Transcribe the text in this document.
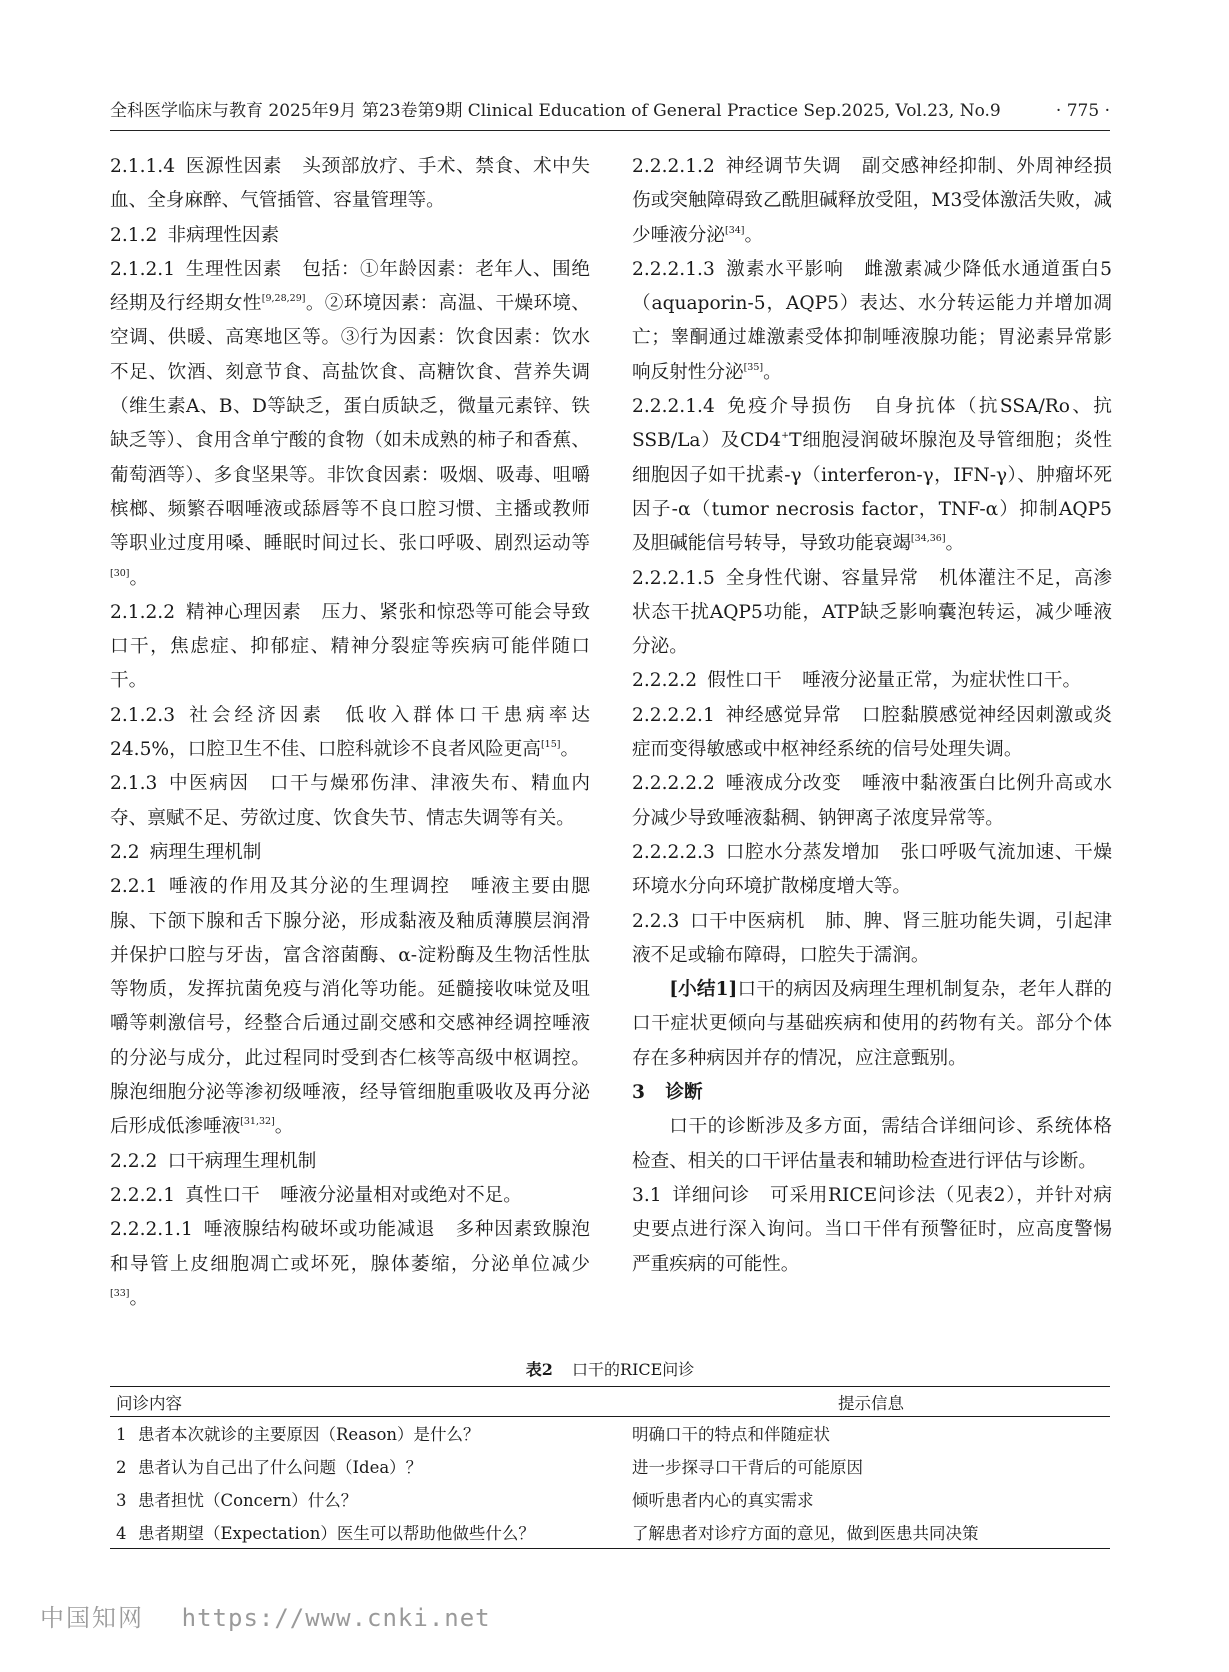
全科医学临床与教育 2025年9月 第23卷第9期 Clinical Education of General Practice Sep.2025, Vol.23, No.9	· 775 ·

2.1.1.4 医源性因素 头颈部放疗、手术、禁食、术中失血、全身麻醉、气管插管、容量管理等。

2.1.2 非病理性因素

2.1.2.1 生理性因素 包括：①年龄因素：老年人、围绝经期及行经期女性[9,28,29]。②环境因素：高温、干燥环境、空调、供暖、高寒地区等。③行为因素：饮食因素：饮水不足、饮酒、刻意节食、高盐饮食、高糖饮食、营养失调（维生素A、B、D等缺乏，蛋白质缺乏，微量元素锌、铁缺乏等）、食用含单宁酸的食物（如未成熟的柿子和香蕉、葡萄酒等）、多食坚果等。非饮食因素：吸烟、吸毒、咀嚼槟榔、频繁吞咽唾液或舔唇等不良口腔习惯、主播或教师等职业过度用嗓、睡眠时间过长、张口呼吸、剧烈运动等[30]。

2.1.2.2 精神心理因素 压力、紧张和惊恐等可能会导致口干，焦虑症、抑郁症、精神分裂症等疾病可能伴随口干。

2.1.2.3 社会经济因素 低收入群体口干患病率达24.5%，口腔卫生不佳、口腔科就诊不良者风险更高[15]。

2.1.3 中医病因 口干与燥邪伤津、津液失布、精血内夺、禀赋不足、劳欲过度、饮食失节、情志失调等有关。

2.2 病理生理机制

2.2.1 唾液的作用及其分泌的生理调控 唾液主要由腮腺、下颌下腺和舌下腺分泌，形成黏液及釉质薄膜层润滑并保护口腔与牙齿，富含溶菌酶、α-淀粉酶及生物活性肽等物质，发挥抗菌免疫与消化等功能。延髓接收味觉及咀嚼等刺激信号，经整合后通过副交感和交感神经调控唾液的分泌与成分，此过程同时受到杏仁核等高级中枢调控。腺泡细胞分泌等渗初级唾液，经导管细胞重吸收及再分泌后形成低渗唾液[31,32]。

2.2.2 口干病理生理机制

2.2.2.1 真性口干 唾液分泌量相对或绝对不足。

2.2.2.1.1 唾液腺结构破坏或功能减退 多种因素致腺泡和导管上皮细胞凋亡或坏死，腺体萎缩，分泌单位减少[33]。

2.2.2.1.2 神经调节失调 副交感神经抑制、外周神经损伤或突触障碍致乙酰胆碱释放受阻，M3受体激活失败，减少唾液分泌[34]。

2.2.2.1.3 激素水平影响 雌激素减少降低水通道蛋白5（aquaporin-5，AQP5）表达、水分转运能力并增加凋亡；睾酮通过雄激素受体抑制唾液腺功能；胃泌素异常影响反射性分泌[35]。

2.2.2.1.4 免疫介导损伤 自身抗体（抗SSA/Ro、抗SSB/La）及CD4+T细胞浸润破坏腺泡及导管细胞；炎性细胞因子如干扰素-γ（interferon-γ，IFN-γ）、肿瘤坏死因子-α（tumor necrosis factor，TNF-α）抑制AQP5及胆碱能信号转导，导致功能衰竭[34,36]。

2.2.2.1.5 全身性代谢、容量异常 机体灌注不足，高渗状态干扰AQP5功能，ATP缺乏影响囊泡转运，减少唾液分泌。

2.2.2.2 假性口干 唾液分泌量正常，为症状性口干。

2.2.2.2.1 神经感觉异常 口腔黏膜感觉神经因刺激或炎症而变得敏感或中枢神经系统的信号处理失调。

2.2.2.2.2 唾液成分改变 唾液中黏液蛋白比例升高或水分减少导致唾液黏稠、钠钾离子浓度异常等。

2.2.2.2.3 口腔水分蒸发增加 张口呼吸气流加速、干燥环境水分向环境扩散梯度增大等。

2.2.3 口干中医病机 肺、脾、肾三脏功能失调，引起津液不足或输布障碍，口腔失于濡润。

[小结1]口干的病因及病理生理机制复杂，老年人群的口干症状更倾向与基础疾病和使用的药物有关。部分个体存在多种病因并存的情况，应注意甄别。

3 诊断

口干的诊断涉及多方面，需结合详细问诊、系统体格检查、相关的口干评估量表和辅助检查进行评估与诊断。

3.1 详细问诊 可采用RICE问诊法（见表2），并针对病史要点进行深入询问。当口干伴有预警征时，应高度警惕严重疾病的可能性。

表2 口干的RICE问诊
问诊内容	提示信息
1 患者本次就诊的主要原因（Reason）是什么？	明确口干的特点和伴随症状
2 患者认为自己出了什么问题（Idea）？	进一步探寻口干背后的可能原因
3 患者担忧（Concern）什么？	倾听患者内心的真实需求
4 患者期望（Expectation）医生可以帮助他做些什么？	了解患者对诊疗方面的意见，做到医患共同决策
中国知网 https://www.cnki.net
